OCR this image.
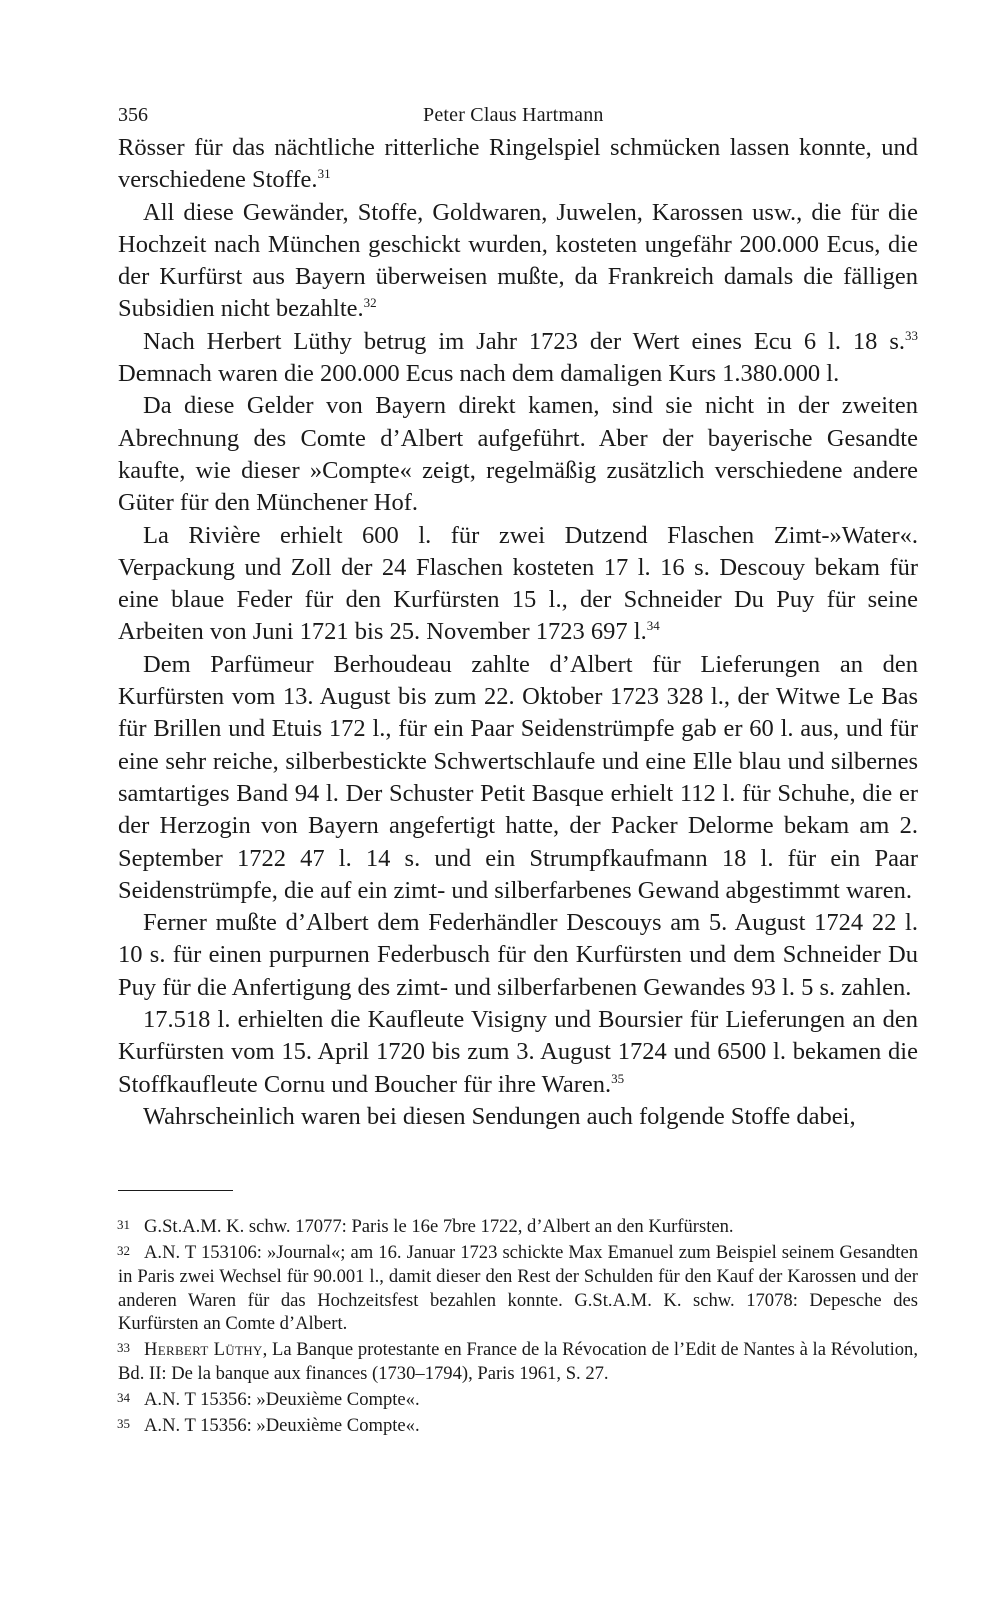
356	Peter Claus Hartmann

Rösser für das nächtliche ritterliche Ringelspiel schmücken lassen konnte, und verschiedene Stoffe.$^{31}$

All diese Gewänder, Stoffe, Goldwaren, Juwelen, Karossen usw., die für die Hochzeit nach München geschickt wurden, kosteten ungefähr 200.000 Ecus, die der Kurfürst aus Bayern überweisen mußte, da Frankreich damals die fälligen Subsidien nicht bezahlte.$^{32}$

Nach Herbert Lüthy betrug im Jahr 1723 der Wert eines Ecu 6 l. 18 s.$^{33}$ Demnach waren die 200.000 Ecus nach dem damaligen Kurs 1.380.000 l.

Da diese Gelder von Bayern direkt kamen, sind sie nicht in der zweiten Abrechnung des Comte d’Albert aufgeführt. Aber der bayerische Gesandte kaufte, wie dieser »Compte« zeigt, regelmäßig zusätzlich verschiedene andere Güter für den Münchener Hof.

La Rivière erhielt 600 l. für zwei Dutzend Flaschen Zimt-»Water«. Verpackung und Zoll der 24 Flaschen kosteten 17 l. 16 s. Descouy bekam für eine blaue Feder für den Kurfürsten 15 l., der Schneider Du Puy für seine Arbeiten von Juni 1721 bis 25. November 1723 697 l.$^{34}$

Dem Parfümeur Berhoudeau zahlte d’Albert für Lieferungen an den Kurfürsten vom 13. August bis zum 22. Oktober 1723 328 l., der Witwe Le Bas für Brillen und Etuis 172 l., für ein Paar Seidenstrümpfe gab er 60 l. aus, und für eine sehr reiche, silberbestickte Schwertschlaufe und eine Elle blau und silbernes samtartiges Band 94 l. Der Schuster Petit Basque erhielt 112 l. für Schuhe, die er der Herzogin von Bayern angefertigt hatte, der Packer Delorme bekam am 2. September 1722 47 l. 14 s. und ein Strumpfkaufmann 18 l. für ein Paar Seidenstrümpfe, die auf ein zimt- und silberfarbenes Gewand abgestimmt waren.

Ferner mußte d’Albert dem Federhändler Descouys am 5. August 1724 22 l. 10 s. für einen purpurnen Federbusch für den Kurfürsten und dem Schneider Du Puy für die Anfertigung des zimt- und silberfarbenen Gewandes 93 l. 5 s. zahlen.

17.518 l. erhielten die Kaufleute Visigny und Boursier für Lieferungen an den Kurfürsten vom 15. April 1720 bis zum 3. August 1724 und 6500 l. bekamen die Stoffkaufleute Cornu und Boucher für ihre Waren.$^{35}$

Wahrscheinlich waren bei diesen Sendungen auch folgende Stoffe dabei,

31 G.St.A.M. K. schw. 17077: Paris le 16e 7bre 1722, d’Albert an den Kurfürsten.

32 A.N. T 153106: »Journal«; am 16. Januar 1723 schickte Max Emanuel zum Beispiel seinem Gesandten in Paris zwei Wechsel für 90.001 l., damit dieser den Rest der Schulden für den Kauf der Karossen und der anderen Waren für das Hochzeitsfest bezahlen konnte. G.St.A.M. K. schw. 17078: Depesche des Kurfürsten an Comte d’Albert.

33 Herbert Lüthy, La Banque protestante en France de la Révocation de l’Edit de Nantes à la Révolution, Bd. II: De la banque aux finances (1730–1794), Paris 1961, S. 27.

34 A.N. T 15356: »Deuxième Compte«.

35 A.N. T 15356: »Deuxième Compte«.
